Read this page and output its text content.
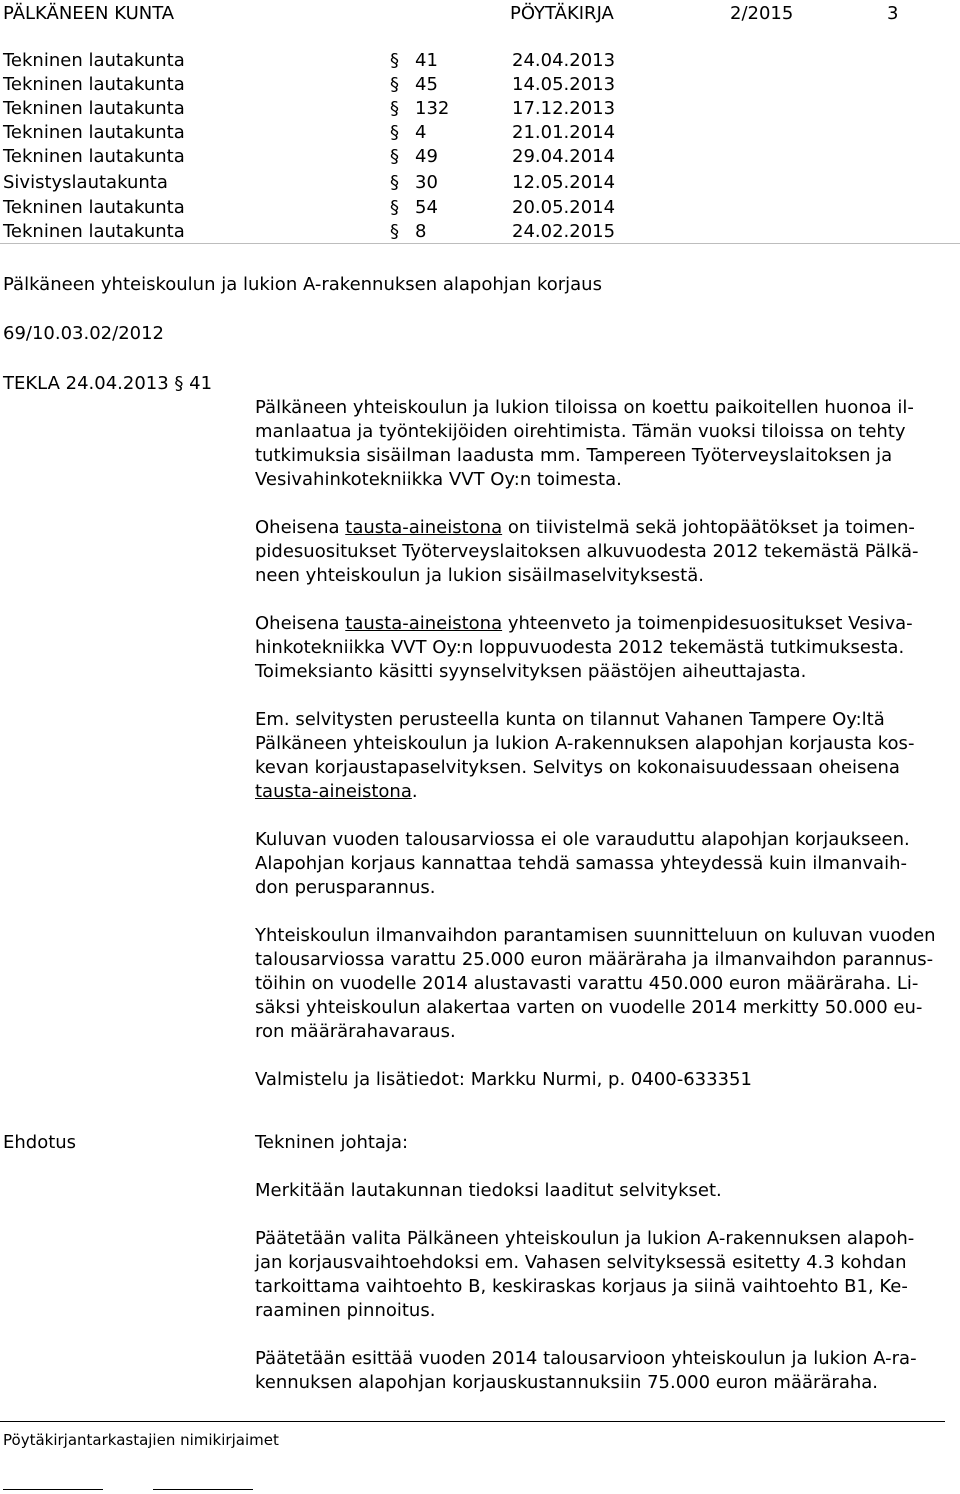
PÄLKÄNEEN KUNTA	PÖYTÄKIRJA	2/2015	3
Tekninen lautakunta	§ 41	24.04.2013
Tekninen lautakunta	§ 45	14.05.2013
Tekninen lautakunta	§ 132	17.12.2013
Tekninen lautakunta	§ 4	21.01.2014
Tekninen lautakunta	§ 49	29.04.2014
Sivistyslautakunta	§ 30	12.05.2014
Tekninen lautakunta	§ 54	20.05.2014
Tekninen lautakunta	§ 8	24.02.2015
Pälkäneen yhteiskoulun ja lukion A-rakennuksen alapohjan korjaus
69/10.03.02/2012
TEKLA 24.04.2013 § 41

Pälkäneen yhteiskoulun ja lukion tiloissa on koettu paikoitellen huonoa il-
manlaatua ja työntekijöiden oirehtimista. Tämän vuoksi tiloissa on tehty
tutkimuksia sisäilman laadusta mm. Tampereen Työterveyslaitoksen ja
Vesivahinkotekniikka VVT Oy:n toimesta.

Oheisena tausta-aineistona on tiivistelmä sekä johtopäätökset ja toimen-
pidesuositukset Työterveyslaitoksen alkuvuodesta 2012 tekemästä Pälkä-
neen yhteiskoulun ja lukion sisäilmaselvityksestä.

Oheisena tausta-aineistona yhteenveto ja toimenpidesuositukset Vesiva-
hinkotekniikka VVT Oy:n loppuvuodesta 2012 tekemästä tutkimuksesta.
Toimeksianto käsitti syynselvityksen päästöjen aiheuttajasta.

Em. selvitysten perusteella kunta on tilannut Vahanen Tampere Oy:ltä
Pälkäneen yhteiskoulun ja lukion A-rakennuksen alapohjan korjausta kos-
kevan korjaustapaselvityksen. Selvitys on kokonaisuudessaan oheisena
tausta-aineistona.

Kuluvan vuoden talousarviossa ei ole varauduttu alapohjan korjaukseen.
Alapohjan korjaus kannattaa tehdä samassa yhteydessä kuin ilmanvaih-
don perusparannus.

Yhteiskoulun ilmanvaihdon parantamisen suunnitteluun on kuluvan vuoden
talousarviossa varattu 25.000 euron määräraha ja ilmanvaihdon parannus-
töihin on vuodelle 2014 alustavasti varattu 450.000 euron määräraha. Li-
säksi yhteiskoulun alakertaa varten on vuodelle 2014 merkitty 50.000 eu-
ron määrärahavaraus.

Valmistelu ja lisätiedot: Markku Nurmi, p. 0400-633351

Ehdotus	Tekninen johtaja:

Merkitään lautakunnan tiedoksi laaditut selvitykset.

Päätetään valita Pälkäneen yhteiskoulun ja lukion A-rakennuksen alapoh-
jan korjausvaihtoehdoksi em. Vahasen selvityksessä esitetty 4.3 kohdan
tarkoittama vaihtoehto B, keskiraskas korjaus ja siinä vaihtoehto B1, Ke-
raaminen pinnoitus.

Päätetään esittää vuoden 2014 talousarvioon yhteiskoulun ja lukion A-ra-
kennuksen alapohjan korjauskustannuksiin 75.000 euron määräraha.

Pöytäkirjantarkastajien nimikirjaimet
